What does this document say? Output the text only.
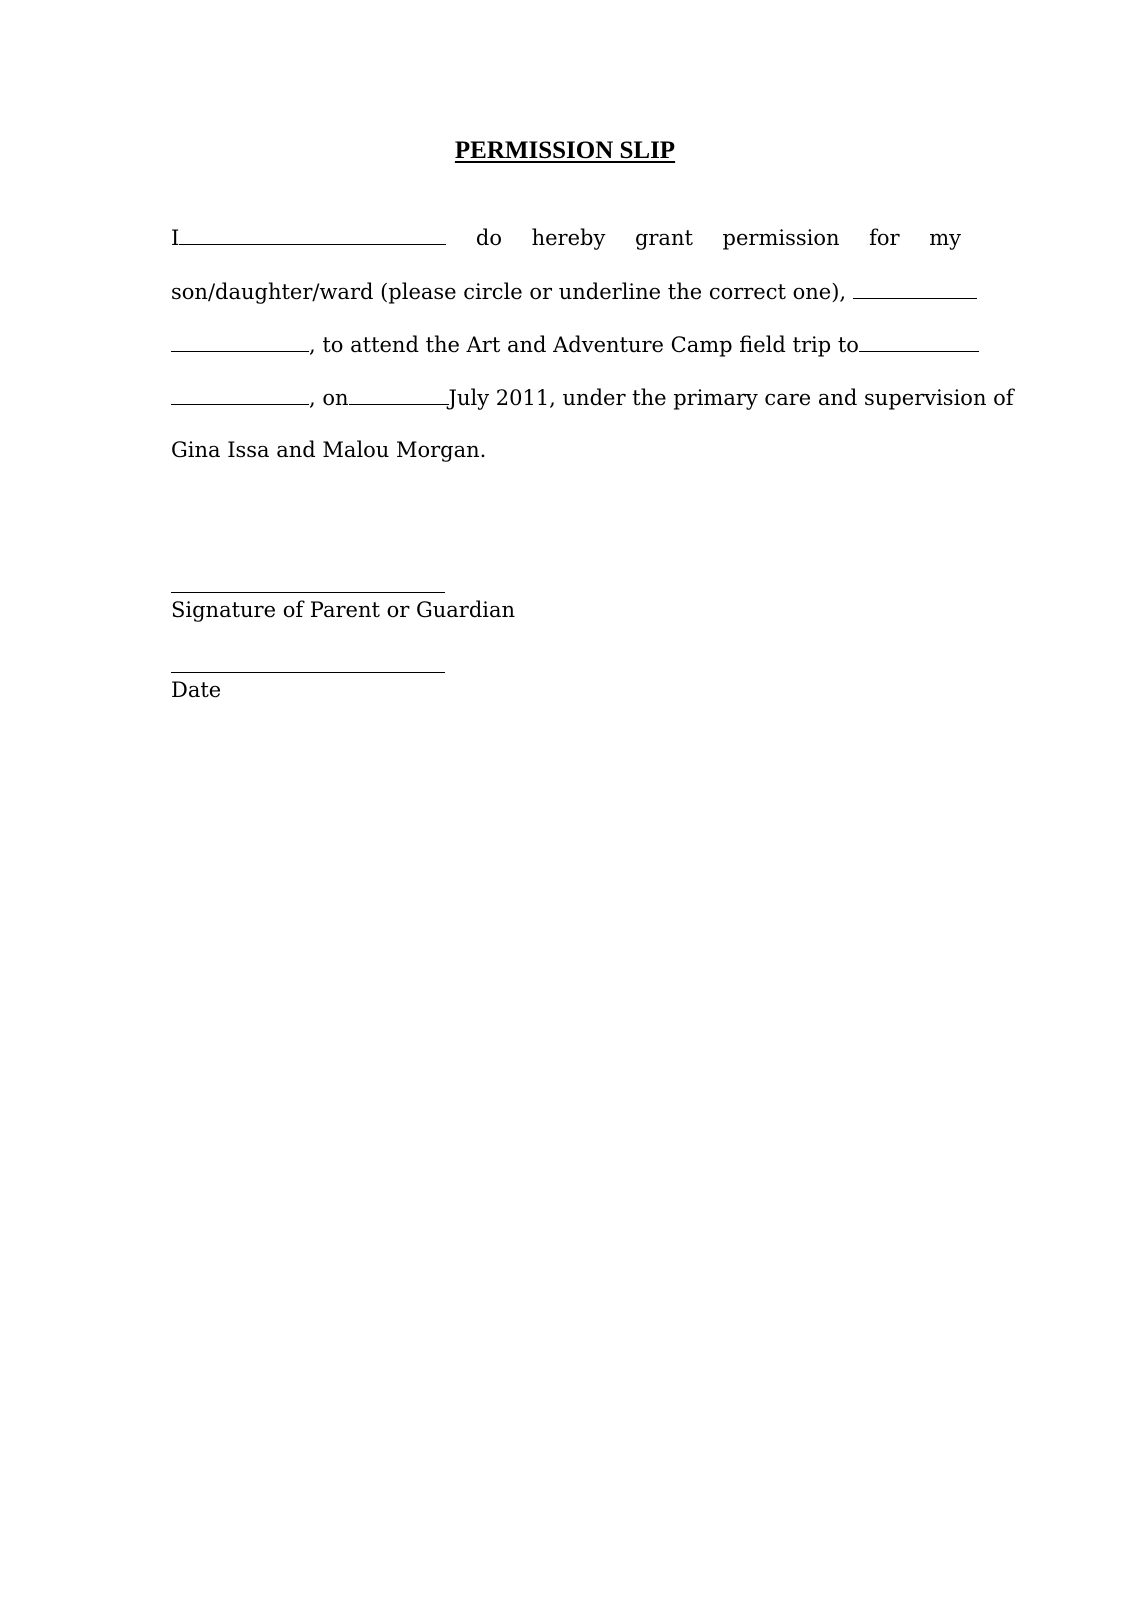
PERMISSION SLIP
I	do hereby grant permission for my
son/daughter/ward (please circle or underline the correct one),
, to attend the Art and Adventure Camp field trip to
, on	July 2011, under the primary care and supervision of
Gina Issa and Malou Morgan.
Signature of Parent or Guardian
Date
